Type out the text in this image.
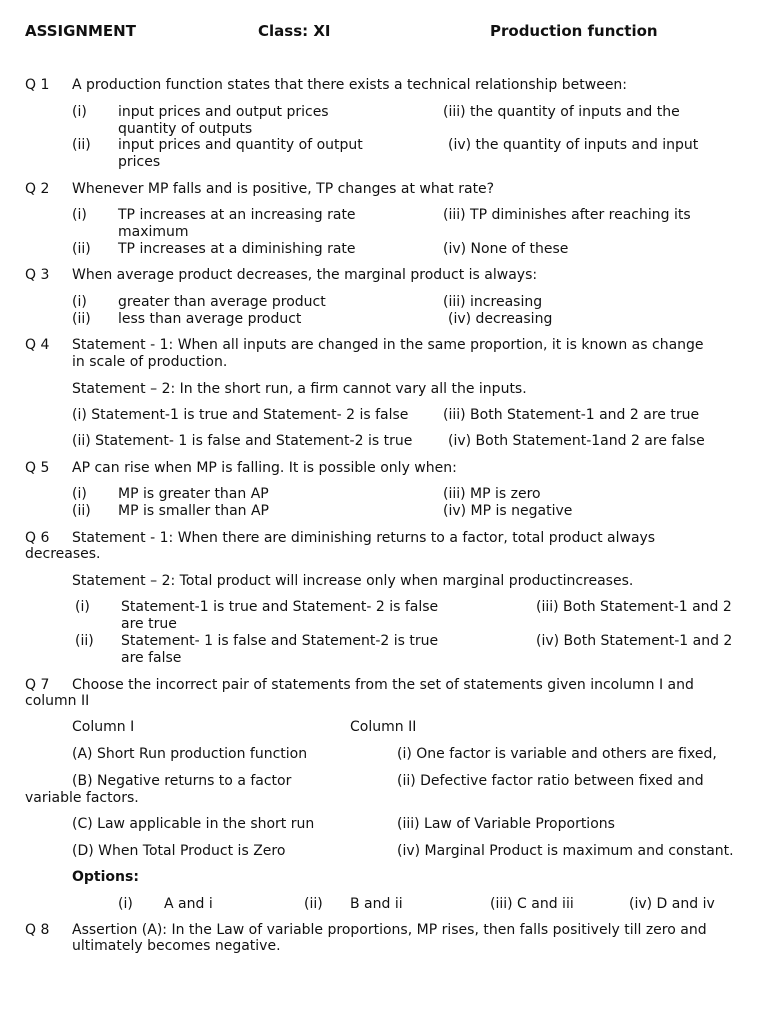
ASSIGNMENT	Class: XI	Production function
Q 1 A production function states that there exists a technical relationship between:
(i) input prices and output prices	(iii) the quantity of inputs and the
quantity of outputs
(ii) input prices and quantity of output	(iv) the quantity of inputs and input
prices
Q 2 Whenever MP falls and is positive, TP changes at what rate?
(i) TP increases at an increasing rate	(iii) TP diminishes after reaching its
maximum
(ii) TP increases at a diminishing rate	(iv) None of these
Q 3 When average product decreases, the marginal product is always:
(i) greater than average product	(iii) increasing
(ii) less than average product	(iv) decreasing
Q 4 Statement - 1: When all inputs are changed in the same proportion, it is known as change
in scale of production.
Statement – 2: In the short run, a firm cannot vary all the inputs.
(i) Statement-1 is true and Statement- 2 is false (iii) Both Statement-1 and 2 are true
(ii) Statement- 1 is false and Statement-2 is true	(iv) Both Statement-1and 2 are false
Q 5 AP can rise when MP is falling. It is possible only when:
(i) MP is greater than AP	(iii) MP is zero
(ii) MP is smaller than AP	(iv) MP is negative
Q 6 Statement - 1: When there are diminishing returns to a factor, total product always
decreases.
Statement – 2: Total product will increase only when marginal productincreases.
(i) Statement-1 is true and Statement- 2 is false	(iii) Both Statement-1 and 2
are true
(ii) Statement- 1 is false and Statement-2 is true	(iv) Both Statement-1 and 2
are false
Q 7 Choose the incorrect pair of statements from the set of statements given incolumn I and
column II
Column I	Column II
(A) Short Run production function	(i) One factor is variable and others are fixed,
(B) Negative returns to a factor	(ii) Defective factor ratio between fixed and
variable factors.
(C) Law applicable in the short run	(iii) Law of Variable Proportions
(D) When Total Product is Zero	(iv) Marginal Product is maximum and constant.
Options:
(i) A and i	(ii) B and ii	(iii) C and iii	(iv) D and iv
Q 8 Assertion (A): In the Law of variable proportions, MP rises, then falls positively till zero and
ultimately becomes negative.
